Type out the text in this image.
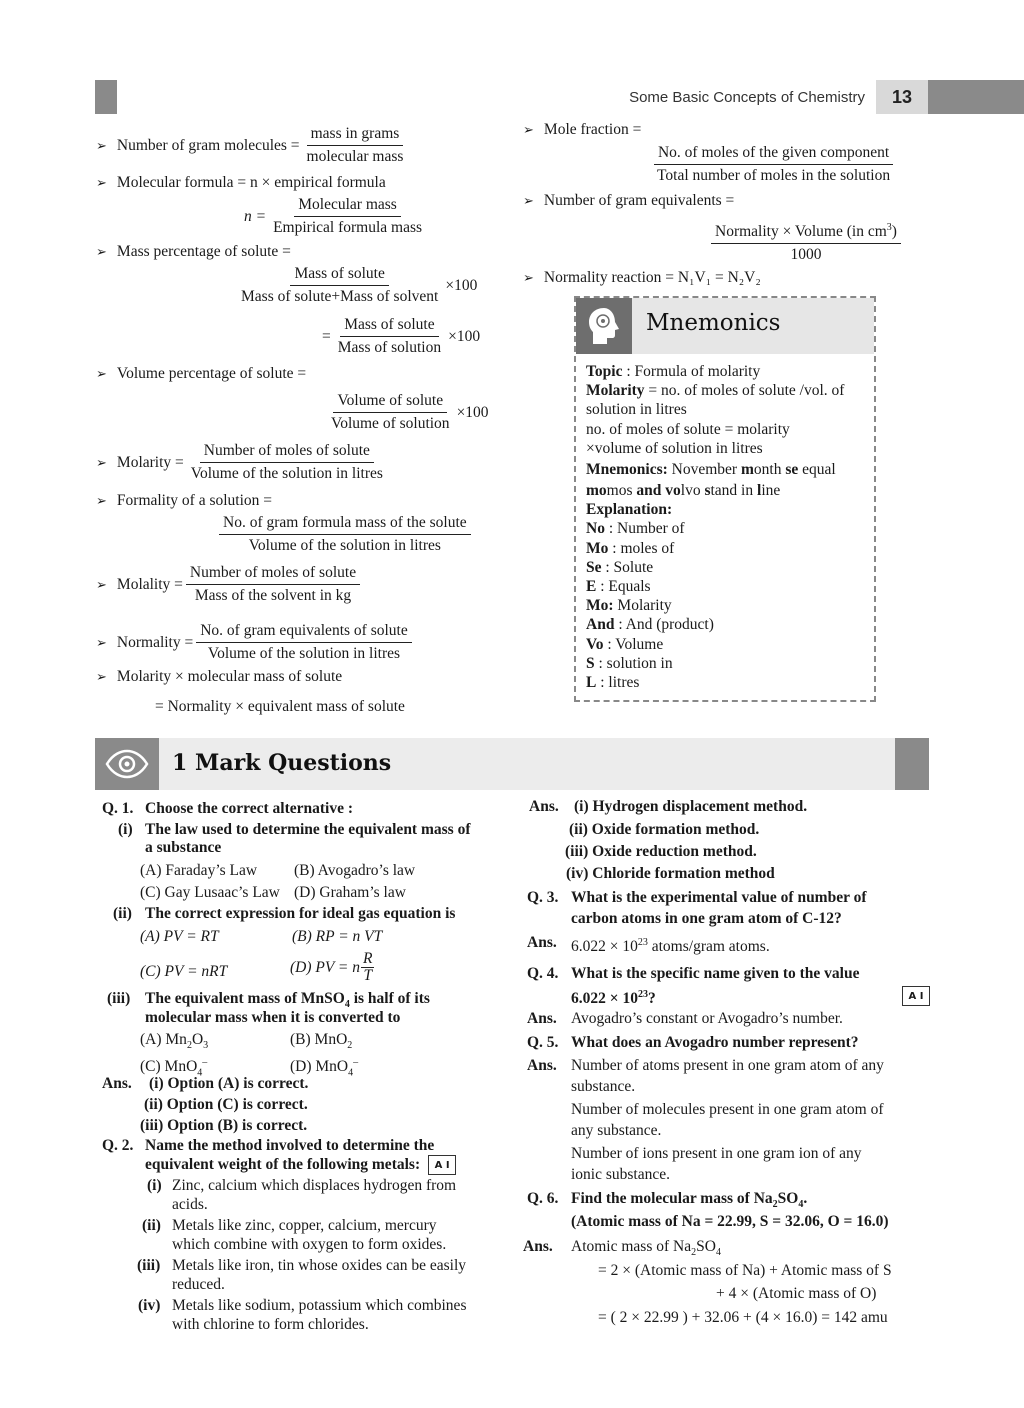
Some Basic Concepts of Chemistry	13
➢ Number of gram molecules = $\frac{\text{mass in grams}}{\text{molecular mass}}$
➢ Molecular formula = n × empirical formula
$n = \frac{\text{Molecular mass}}{\text{Empirical formula mass}}$
➢ Mass percentage of solute =
$\frac{\text{Mass of solute}}{\text{Mass of solute+Mass of solvent}} \times 100$
= $\frac{\text{Mass of solute}}{\text{Mass of solution}} \times 100$
➢ Volume percentage of solute =
$\frac{\text{Volume of solute}}{\text{Volume of solution}} \times 100$
➢ Molarity = $\frac{\text{Number of moles of solute}}{\text{Volume of the solution in litres}}$
➢ Formality of a solution =
$\frac{\text{No. of gram formula mass of the solute}}{\text{Volume of the solution in litres}}$
➢ Molality = $\frac{\text{Number of moles of solute}}{\text{Mass of the solvent in kg}}$
➢ Normality = $\frac{\text{No. of gram equivalents of solute}}{\text{Volume of the solution in litres}}$
➢ Molarity × molecular mass of solute
= Normality × equivalent mass of solute
➢ Mole fraction =
$\frac{\text{No. of moles of the given component}}{\text{Total number of moles in the solution}}$
➢ Number of gram equivalents =
$\frac{Normality \times Volume (in cm^3)}{1000}$
➢ Normality reaction = N₁V₁ = N₂V₂
Mnemonics
Topic : Formula of molarity
Molarity = no. of moles of solute /vol. of
solution in litres
no. of moles of solute = molarity
×volume of solution in litres
Mnemonics: November month se equal
momos and volvo stand in line
Explanation:
No : Number of
Mo : moles of
Se : Solute
E : Equals
Mo: Molarity
And : And (product)
Vo : Volume
S : solution in
L : litres
1 Mark Questions
Q. 1. Choose the correct alternative :
(i) The law used to determine the equivalent mass of
a substance
(A) Faraday’s Law (B) Avogadro’s law
(C) Gay Lusaac’s Law (D) Graham’s law
(ii) The correct expression for ideal gas equation is
(A) PV = RT	(B) RP = n VT
(C) PV = nRT	(D) PV = n $\frac{R}{T}$
(iii) The equivalent mass of MnSO$_4$ is half of its
molecular mass when it is converted to
(A) $Mn_2O_3$	(B) MnO$_2$
(C) MnO$_4$–	(D) MnO$_4$–
Ans. (i) Option (A) is correct.
(ii) Option (C) is correct.
(iii) Option (B) is correct.
Q. 2. Name the method involved to determine the
equivalent weight of the following metals: A I
(i) Zinc, calcium which displaces hydrogen from
acids.
(ii) Metals like zinc, copper, calcium, mercury
which combine with oxygen to form oxides.
(iii) Metals like iron, tin whose oxides can be easily
reduced.
(iv) Metals like sodium, potassium which combines
with chlorine to form chlorides.
Ans. (i) Hydrogen displacement method.
(ii) Oxide formation method.
(iii) Oxide reduction method.
(iv) Chloride formation method
Q. 3. What is the experimental value of number of
carbon atoms in one gram atom of C-12?
Ans. $6.022 \times 10^{23}$ atoms/gram atoms.
Q. 4. What is the specific name given to the value
$6.022 \times 10^{23}$?	A I
Ans. Avogadro’s constant or Avogadro’s number.
Q. 5. What does an Avogadro number represent?
Ans. Number of atoms present in one gram atom of any
substance.
Number of molecules present in one gram atom of
any substance.
Number of ions present in one gram ion of any
ionic substance.
Q. 6. Find the molecular mass of $Na_2SO_4$.
(Atomic mass of Na = 22.99, S = 32.06, O = 16.0)
Ans. Atomic mass of $Na_2SO_4$
= 2 × (Atomic mass of Na) + Atomic mass of S
+ 4 × (Atomic mass of O)
= ( 2 × 22.99 ) + 32.06 + (4 × 16.0) = 142 amu
